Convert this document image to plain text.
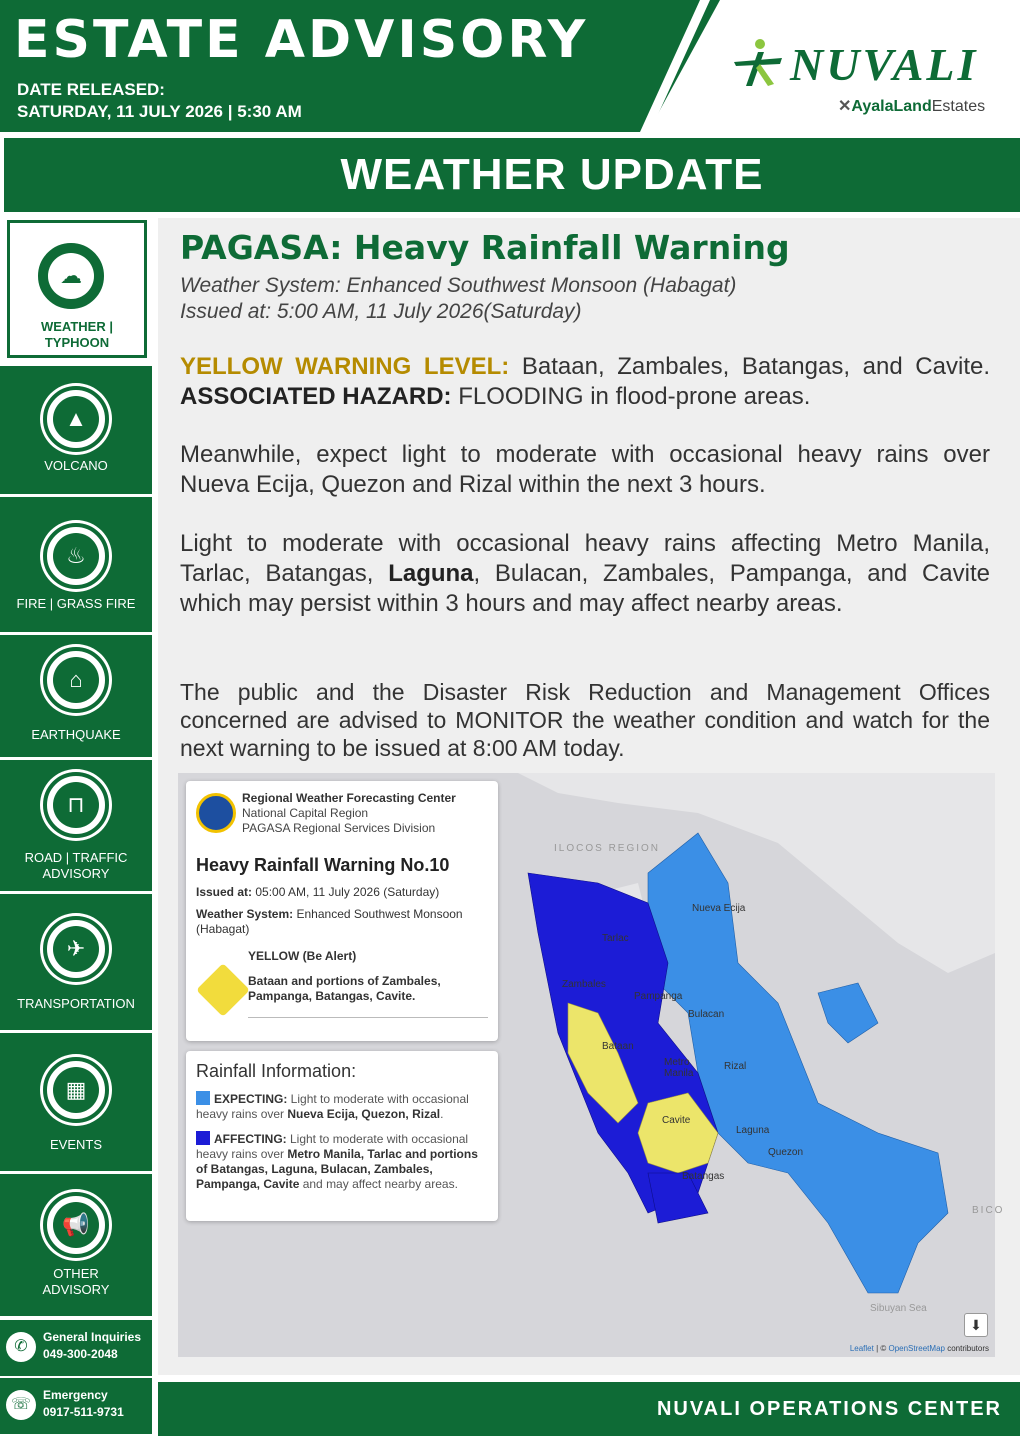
ESTATE ADVISORY
DATE RELEASED:
SATURDAY, 11 JULY 2026 | 5:30 AM
NUVALI
✕AyalaLandEstates
WEATHER UPDATE
☁
WEATHER |
TYPHOON
▲
VOLCANO
♨
FIRE | GRASS FIRE
⌂
EARTHQUAKE
⊓
ROAD | TRAFFIC
ADVISORY
✈
TRANSPORTATION
▦
EVENTS
📢
OTHER
ADVISORY
✆
General Inquiries
049-300-2048
☏
Emergency
0917-511-9731
PAGASA: Heavy Rainfall Warning
Weather System: Enhanced Southwest Monsoon (Habagat)
Issued at: 5:00 AM, 11 July 2026(Saturday)
YELLOW WARNING LEVEL: Bataan, Zambales, Batangas, and Cavite. ASSOCIATED HAZARD: FLOODING in flood-prone areas.
Meanwhile, expect light to moderate with occasional heavy rains over Nueva Ecija, Quezon and Rizal within the next 3 hours.
Light to moderate with occasional heavy rains affecting Metro Manila, Tarlac, Batangas, Laguna, Bulacan, Zambales, Pampanga, and Cavite which may persist within 3 hours and may affect nearby areas.
The public and the Disaster Risk Reduction and Management Offices concerned are advised to MONITOR the weather condition and watch for the next warning to be issued at 8:00 AM today.
ILOCOS REGION
Nueva Ecija
Tarlac
Zambales
Pampanga
Bulacan
Bataan
Metro Manila
Rizal
Cavite
Laguna
Quezon
Batangas
Sibuyan Sea
BICO
Regional Weather Forecasting Center
National Capital Region
PAGASA Regional Services Division
Heavy Rainfall Warning No.10
Issued at: 05:00 AM, 11 July 2026 (Saturday)
Weather System: Enhanced Southwest Monsoon (Habagat)
YELLOW (Be Alert)
Bataan and portions of Zambales, Pampanga, Batangas, Cavite.
Rainfall Information:
EXPECTING: Light to moderate with occasional heavy rains over Nueva Ecija, Quezon, Rizal.
AFFECTING: Light to moderate with occasional heavy rains over Metro Manila, Tarlac and portions of Batangas, Laguna, Bulacan, Zambales, Pampanga, Cavite and may affect nearby areas.
⬇
Leaflet | © OpenStreetMap contributors
NUVALI OPERATIONS CENTER
